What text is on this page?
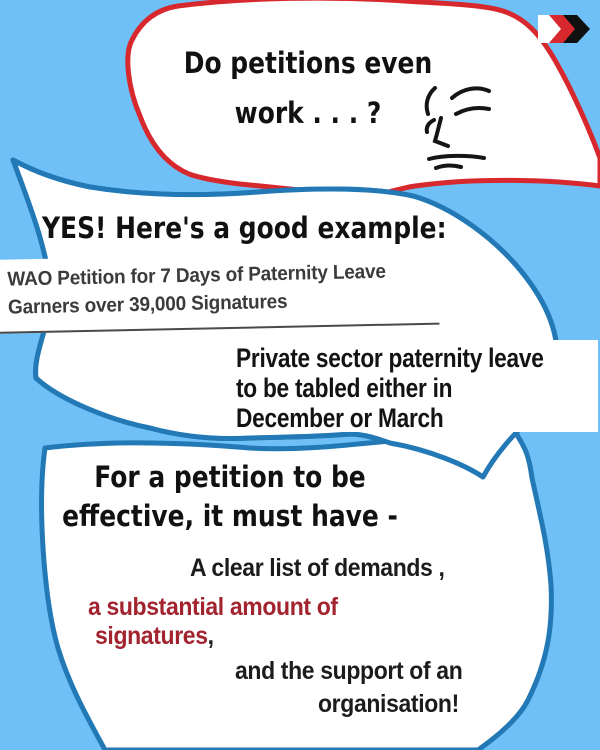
Do petitions even
work . . . ?
YES! Here's a good example:
WAO Petition for 7 Days of Paternity Leave
Garners over 39,000 Signatures
Private sector paternity leave
to be tabled either in
December or March
For a petition to be
effective, it must have -
A clear list of demands ,
a substantial amount of
signatures,
and the support of an
organisation!
